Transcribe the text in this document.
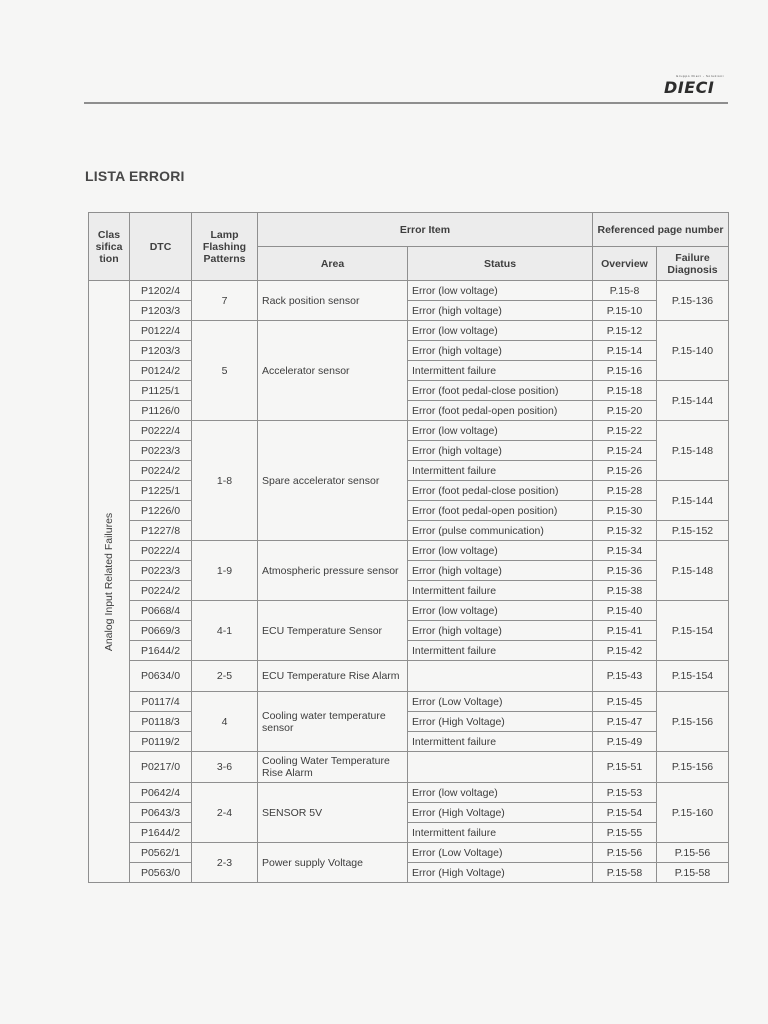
Gruppo Dieci - Soluzioni
DIECI
LISTA ERRORI
Clas sifica tion	DTC	Lamp Flashing Patterns	Error Item		Referenced page number	
			Area	Status	Overview	Failure Diagnosis

Analog Input Related Failures	P1202/4	7	Rack position sensor	Error (low voltage)	P.15-8	P.15-136
	P1203/3			Error (high voltage)	P.15-10	
	P0122/4	5	Accelerator sensor	Error (low voltage)	P.15-12	P.15-140
	P1203/3			Error (high voltage)	P.15-14	
	P0124/2			Intermittent failure	P.15-16	
	P1125/1			Error (foot pedal-close position)	P.15-18	P.15-144
	P1126/0			Error (foot pedal-open position)	P.15-20	
	P0222/4	1-8	Spare accelerator sensor	Error (low voltage)	P.15-22	P.15-148
	P0223/3			Error (high voltage)	P.15-24	
	P0224/2			Intermittent failure	P.15-26	
	P1225/1			Error (foot pedal-close position)	P.15-28	P.15-144
	P1226/0			Error (foot pedal-open position)	P.15-30	
	P1227/8			Error (pulse communication)	P.15-32	P.15-152
	P0222/4	1-9	Atmospheric pressure sensor	Error (low voltage)	P.15-34	P.15-148
	P0223/3			Error (high voltage)	P.15-36	
	P0224/2			Intermittent failure	P.15-38	
	P0668/4	4-1	ECU Temperature Sensor	Error (low voltage)	P.15-40	P.15-154
	P0669/3			Error (high voltage)	P.15-41	
	P1644/2			Intermittent failure	P.15-42	
	P0634/0	2-5	ECU Temperature Rise Alarm		P.15-43	P.15-154
	P0117/4	4	Cooling water temperature sensor	Error (Low Voltage)	P.15-45	P.15-156
	P0118/3			Error (High Voltage)	P.15-47	
	P0119/2			Intermittent failure	P.15-49	
	P0217/0	3-6	Cooling Water Temperature Rise Alarm		P.15-51	P.15-156
	P0642/4	2-4	SENSOR 5V	Error (low voltage)	P.15-53	P.15-160
	P0643/3			Error (High Voltage)	P.15-54	
	P1644/2			Intermittent failure	P.15-55	
	P0562/1	2-3	Power supply Voltage	Error (Low Voltage)	P.15-56	P.15-56
	P0563/0			Error (High Voltage)	P.15-58	P.15-58
